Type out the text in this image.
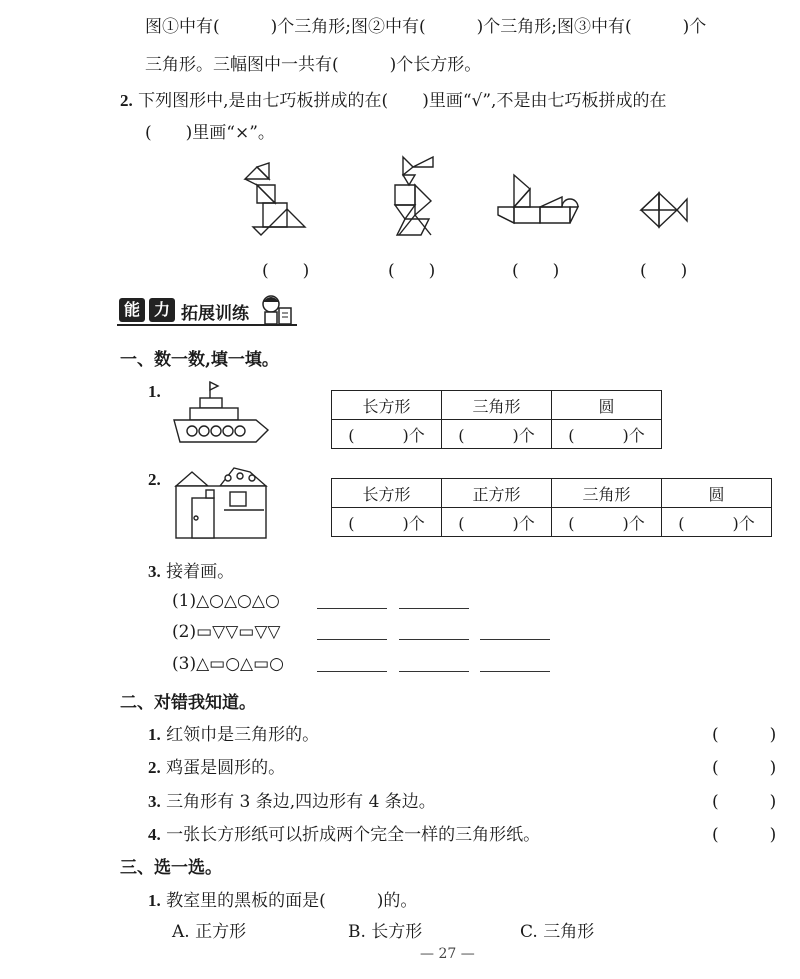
图①中有(　　　)个三角形;图②中有(　　　)个三角形;图③中有(　　　)个
三角形。三幅图中一共有(　　　)个长方形。
2. 下列图形中,是由七巧板拼成的在(　　)里画“√”,不是由七巧板拼成的在
(　　)里画“×”。
(　　)	(　　)	(　　)	(　　)
能 力 拓展训练
一、数一数,填一填。
1.
长方形	三角形	圆
(　　　)个	(　　　)个	(　　　)个
2.
长方形	正方形	三角形	圆
(　　　)个	(　　　)个	(　　　)个	(　　　)个
3. 接着画。
(1)△○△○△○
(2)▭▽▽▭▽▽
(3)△▭○△▭○
二、对错我知道。
1. 红领巾是三角形的。	(　　　)
2. 鸡蛋是圆形的。	(　　　)
3. 三角形有 3 条边,四边形有 4 条边。	(　　　)
4. 一张长方形纸可以折成两个完全一样的三角形纸。	(　　　)
三、选一选。
1. 教室里的黑板的面是(　　　)的。
A. 正方形	B. 长方形	C. 三角形
— 27 —
